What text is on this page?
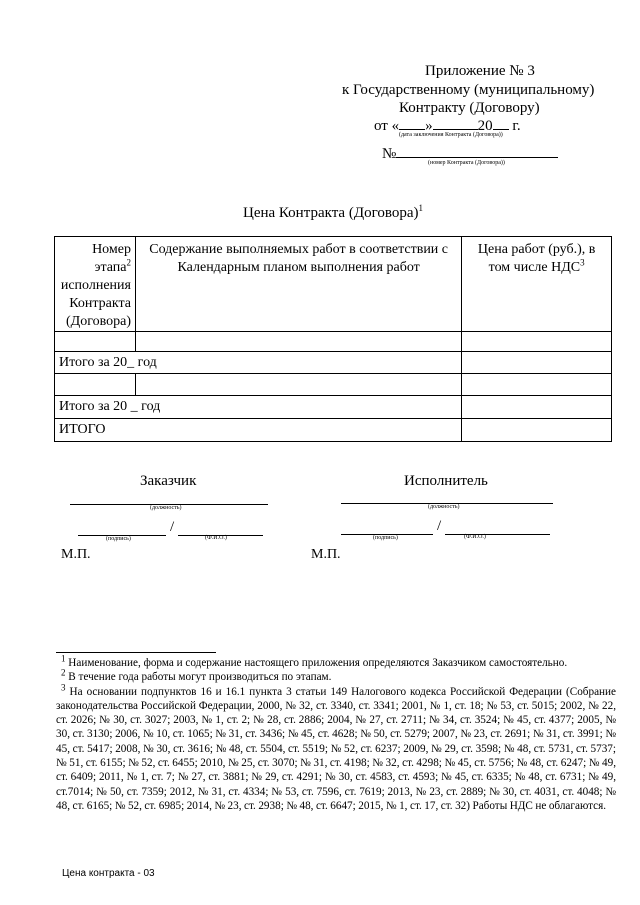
Приложение № 3
к Государственному (муниципальному)
Контракту (Договору)
от « »	20 г.
(дата заключения Контракта (Договора))
№
(номер Контракта (Договора))
Цена Контракта (Договора)$^1$
Номер
этапа$^2$
исполнения
Контракта
(Договора)	Содержание выполняемых работ в соответствии с Календарным планом выполнения работ	Цена работ (руб.), в том числе НДС$^3$

Итого за 20_ год		

Итого за 20 _ год		
ИТОГО		
Заказчик
(должность)
/
(подпись)	(Ф.И.О.)
М.П.
Исполнитель
(должность)
/
(подпись)	(Ф.И.О.)
М.П.
$^1$ Наименование, форма и содержание настоящего приложения определяются Заказчиком самостоятельно.
$^2$ В течение года работы могут производиться по этапам.
$^3$ На основании подпунктов 16 и 16.1 пункта 3 статьи 149 Налогового кодекса Российской Федерации (Собрание законодательства Российской Федерации, 2000, № 32, ст. 3340, ст. 3341; 2001, № 1, ст. 18; № 53, ст. 5015; 2002, № 22, ст. 2026; № 30, ст. 3027; 2003, № 1, ст. 2; № 28, ст. 2886; 2004, № 27, ст. 2711; № 34, ст. 3524; № 45, ст. 4377; 2005, № 30, ст. 3130; 2006, № 10, ст. 1065; № 31, ст. 3436; № 45, ст. 4628; № 50, ст. 5279; 2007, № 23, ст. 2691; № 31, ст. 3991; № 45, ст. 5417; 2008, № 30, ст. 3616; № 48, ст. 5504, ст. 5519; № 52, ст. 6237; 2009, № 29, ст. 3598; № 48, ст. 5731, ст. 5737; № 51, ст. 6155; № 52, ст. 6455; 2010, № 25, ст. 3070; № 31, ст. 4198; № 32, ст. 4298; № 45, ст. 5756; № 48, ст. 6247; № 49, ст. 6409; 2011, № 1, ст. 7; № 27, ст. 3881; № 29, ст. 4291; № 30, ст. 4583, ст. 4593; № 45, ст. 6335; № 48, ст. 6731; № 49, ст.7014; № 50, ст. 7359; 2012, № 31, ст. 4334; № 53, ст. 7596, ст. 7619; 2013, № 23, ст. 2889; № 30, ст. 4031, ст. 4048; № 48, ст. 6165; № 52, ст. 6985; 2014, № 23, ст. 2938; № 48, ст. 6647; 2015, № 1, ст. 17, ст. 32) Работы НДС не облагаются.
Цена контракта - 03
